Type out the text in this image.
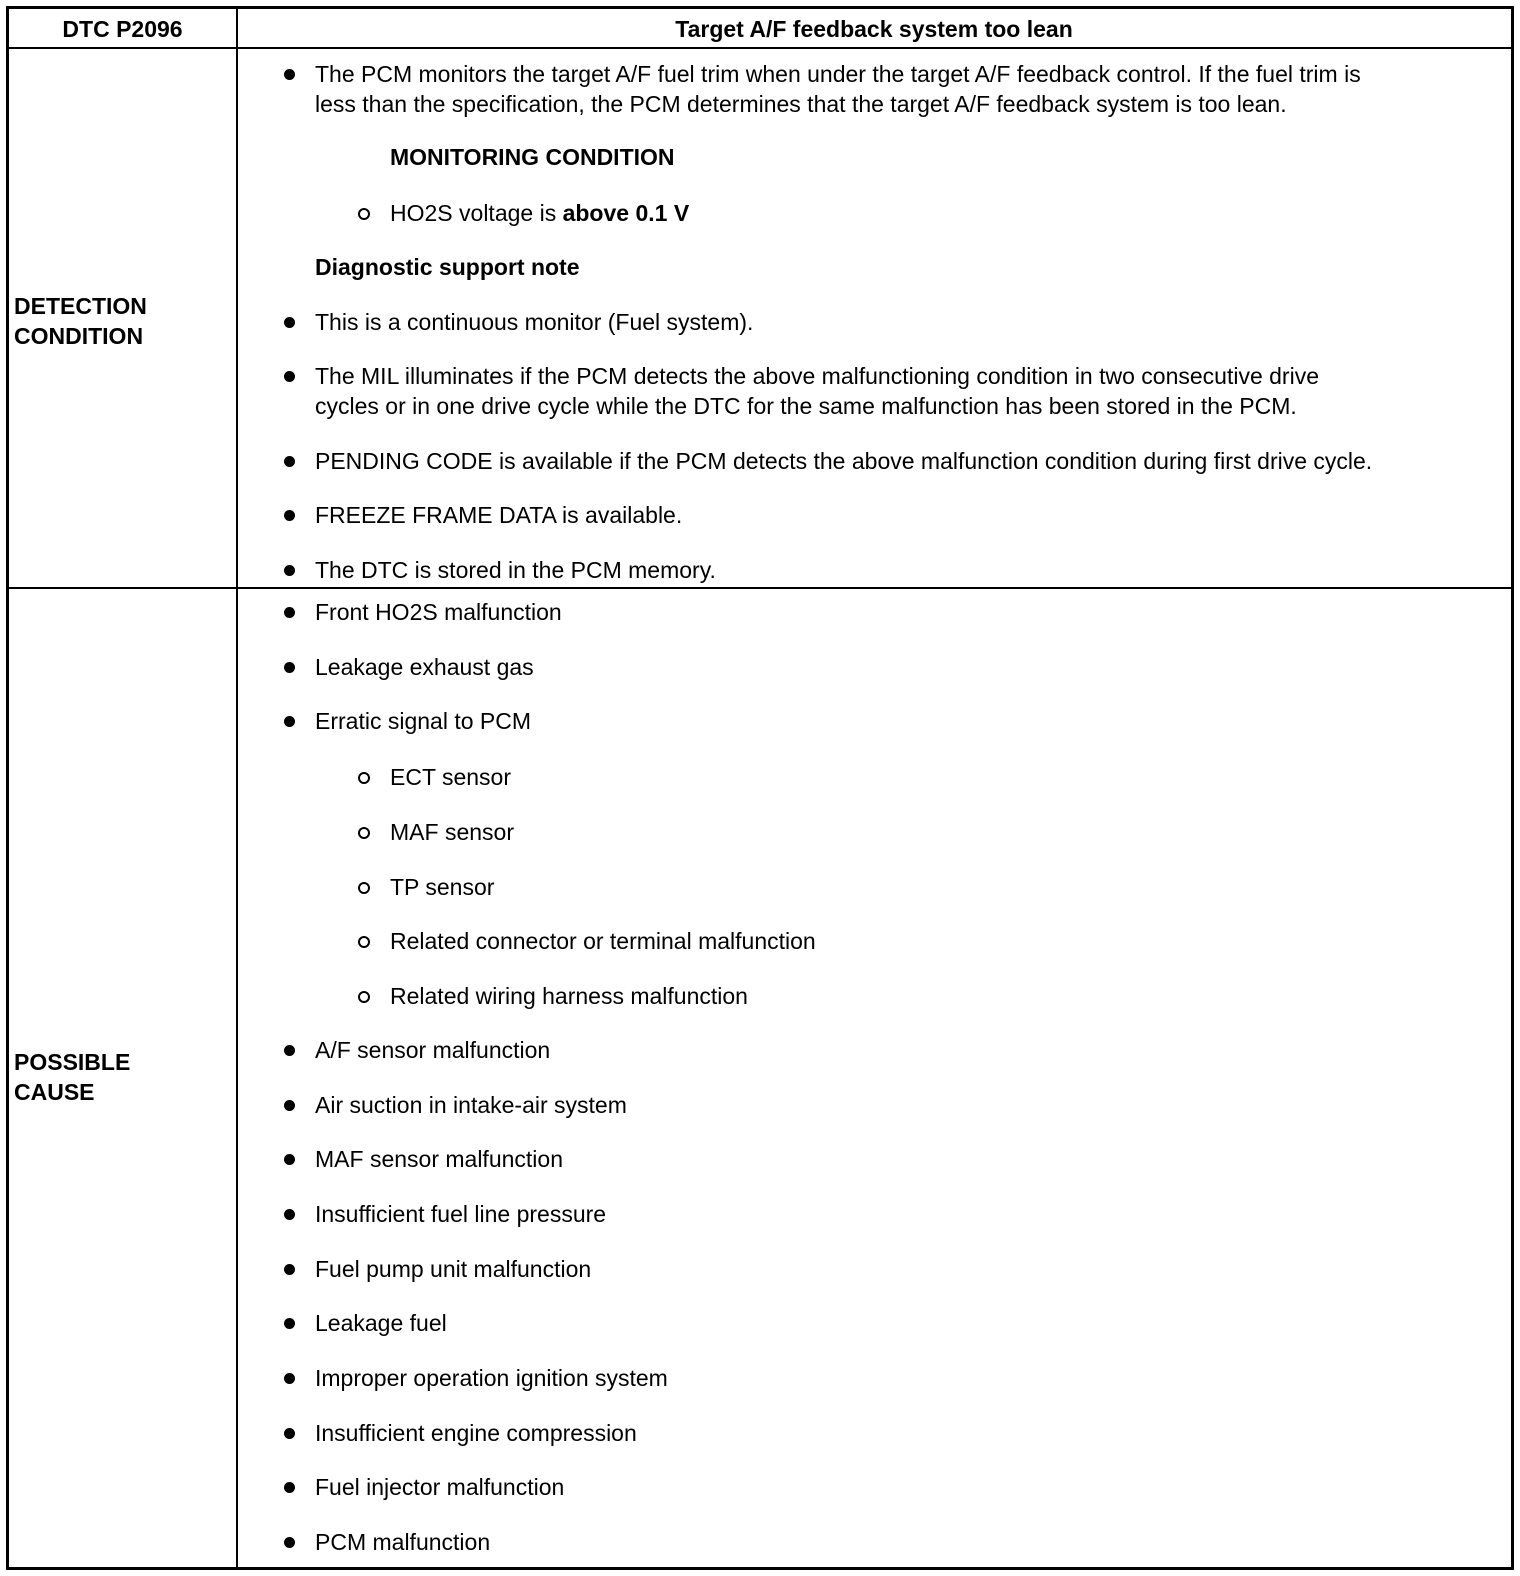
DTC P2096	Target A/F feedback system too lean
DETECTION
CONDITION
The PCM monitors the target A/F fuel trim when under the target A/F feedback control. If the fuel trim is
less than the specification, the PCM determines that the target A/F feedback system is too lean.
MONITORING CONDITION
HO2S voltage is above 0.1 V
Diagnostic support note
This is a continuous monitor (Fuel system).
The MIL illuminates if the PCM detects the above malfunctioning condition in two consecutive drive
cycles or in one drive cycle while the DTC for the same malfunction has been stored in the PCM.
PENDING CODE is available if the PCM detects the above malfunction condition during first drive cycle.
FREEZE FRAME DATA is available.
The DTC is stored in the PCM memory.
POSSIBLE
CAUSE
Front HO2S malfunction
Leakage exhaust gas
Erratic signal to PCM
ECT sensor
MAF sensor
TP sensor
Related connector or terminal malfunction
Related wiring harness malfunction
A/F sensor malfunction
Air suction in intake-air system
MAF sensor malfunction
Insufficient fuel line pressure
Fuel pump unit malfunction
Leakage fuel
Improper operation ignition system
Insufficient engine compression
Fuel injector malfunction
PCM malfunction
